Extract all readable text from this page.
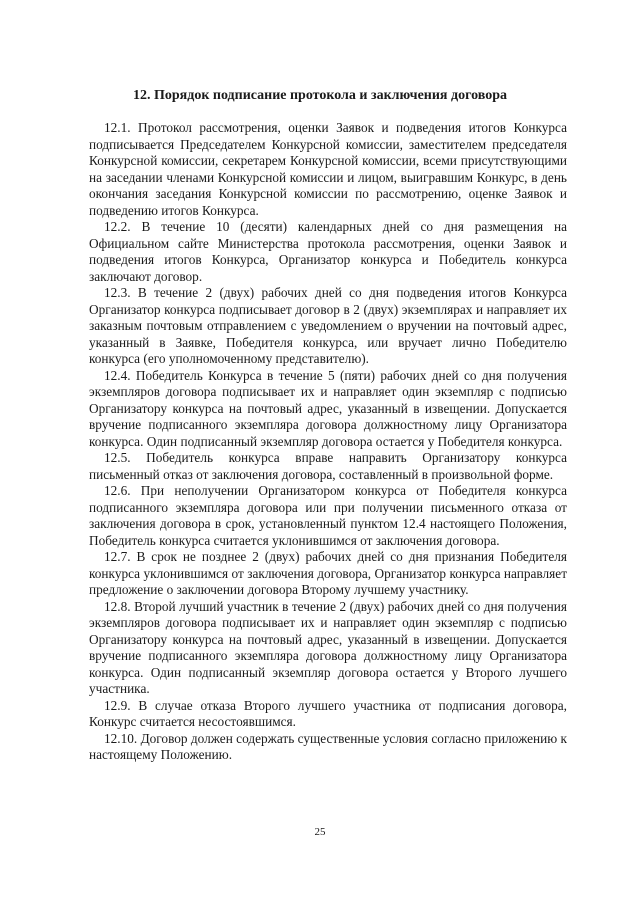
12. Порядок подписание протокола и заключения договора

12.1. Протокол рассмотрения, оценки Заявок и подведения итогов Конкурса подписывается Председателем Конкурсной комиссии, заместителем председателя Конкурсной комиссии, секретарем Конкурсной комиссии, всеми присутствующими на заседании членами Конкурсной комиссии и лицом, выигравшим Конкурс, в день окончания заседания Конкурсной комиссии по рассмотрению, оценке Заявок и подведению итогов Конкурса.

12.2. В течение 10 (десяти) календарных дней со дня размещения на Официальном сайте Министерства протокола рассмотрения, оценки Заявок и подведения итогов Конкурса, Организатор конкурса и Победитель конкурса заключают договор.

12.3. В течение 2 (двух) рабочих дней со дня подведения итогов Конкурса Организатор конкурса подписывает договор в 2 (двух) экземплярах и направляет их заказным почтовым отправлением с уведомлением о вручении на почтовый адрес, указанный в Заявке, Победителя конкурса, или вручает лично Победителю конкурса (его уполномоченному представителю).

12.4. Победитель Конкурса в течение 5 (пяти) рабочих дней со дня получения экземпляров договора подписывает их и направляет один экземпляр с подписью Организатору конкурса на почтовый адрес, указанный в извещении. Допускается вручение подписанного экземпляра договора должностному лицу Организатора конкурса. Один подписанный экземпляр договора остается у Победителя конкурса.

12.5. Победитель конкурса вправе направить Организатору конкурса письменный отказ от заключения договора, составленный в произвольной форме.

12.6. При неполучении Организатором конкурса от Победителя конкурса подписанного экземпляра договора или при получении письменного отказа от заключения договора в срок, установленный пунктом 12.4 настоящего Положения, Победитель конкурса считается уклонившимся от заключения договора.

12.7. В срок не позднее 2 (двух) рабочих дней со дня признания Победителя конкурса уклонившимся от заключения договора, Организатор конкурса направляет предложение о заключении договора Второму лучшему участнику.

12.8. Второй лучший участник в течение 2 (двух) рабочих дней со дня получения экземпляров договора подписывает их и направляет один экземпляр с подписью Организатору конкурса на почтовый адрес, указанный в извещении. Допускается вручение подписанного экземпляра договора должностному лицу Организатора конкурса. Один подписанный экземпляр договора остается у Второго лучшего участника.

12.9. В случае отказа Второго лучшего участника от подписания договора, Конкурс считается несостоявшимся.

12.10. Договор должен содержать существенные условия согласно приложению к настоящему Положению.

25
